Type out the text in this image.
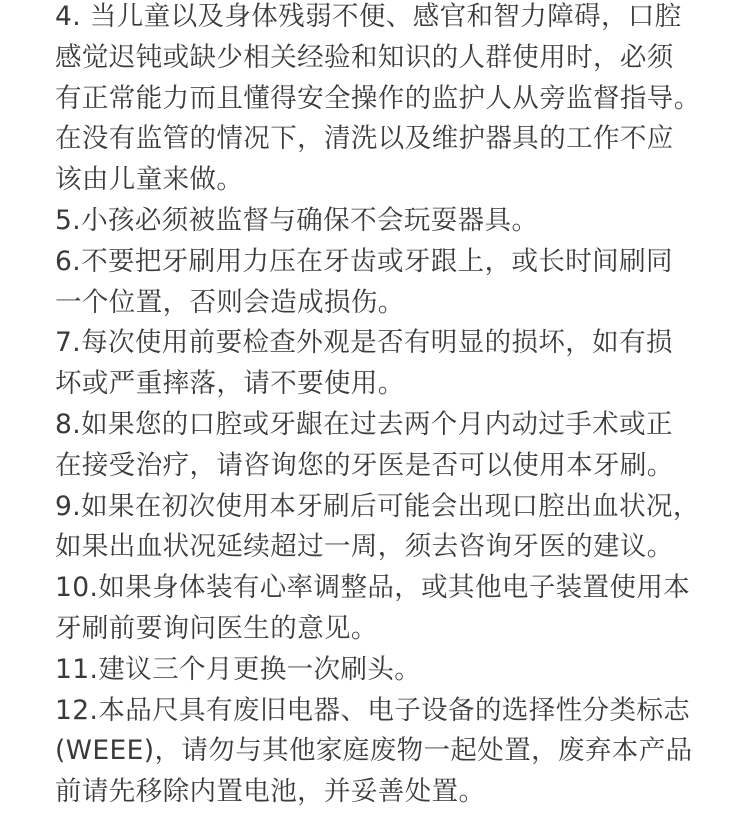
4. 当儿童以及身体残弱不便、感官和智力障碍，口腔
感觉迟钝或缺少相关经验和知识的人群使用时，必须
有正常能力而且懂得安全操作的监护人从旁监督指导。
在没有监管的情况下，清洗以及维护器具的工作不应
该由儿童来做。
5.小孩必须被监督与确保不会玩耍器具。
6.不要把牙刷用力压在牙齿或牙跟上，或长时间刷同
一个位置，否则会造成损伤。
7.每次使用前要检查外观是否有明显的损坏，如有损
坏或严重摔落，请不要使用。
8.如果您的口腔或牙龈在过去两个月内动过手术或正
在接受治疗，请咨询您的牙医是否可以使用本牙刷。
9.如果在初次使用本牙刷后可能会出现口腔出血状况，
如果出血状况延续超过一周，须去咨询牙医的建议。
10.如果身体装有心率调整品，或其他电子装置使用本
牙刷前要询问医生的意见。
11.建议三个月更换一次刷头。
12.本品尺具有废旧电器、电子设备的选择性分类标志
(WEEE)，请勿与其他家庭废物一起处置，废弃本产品
前请先移除内置电池，并妥善处置。
